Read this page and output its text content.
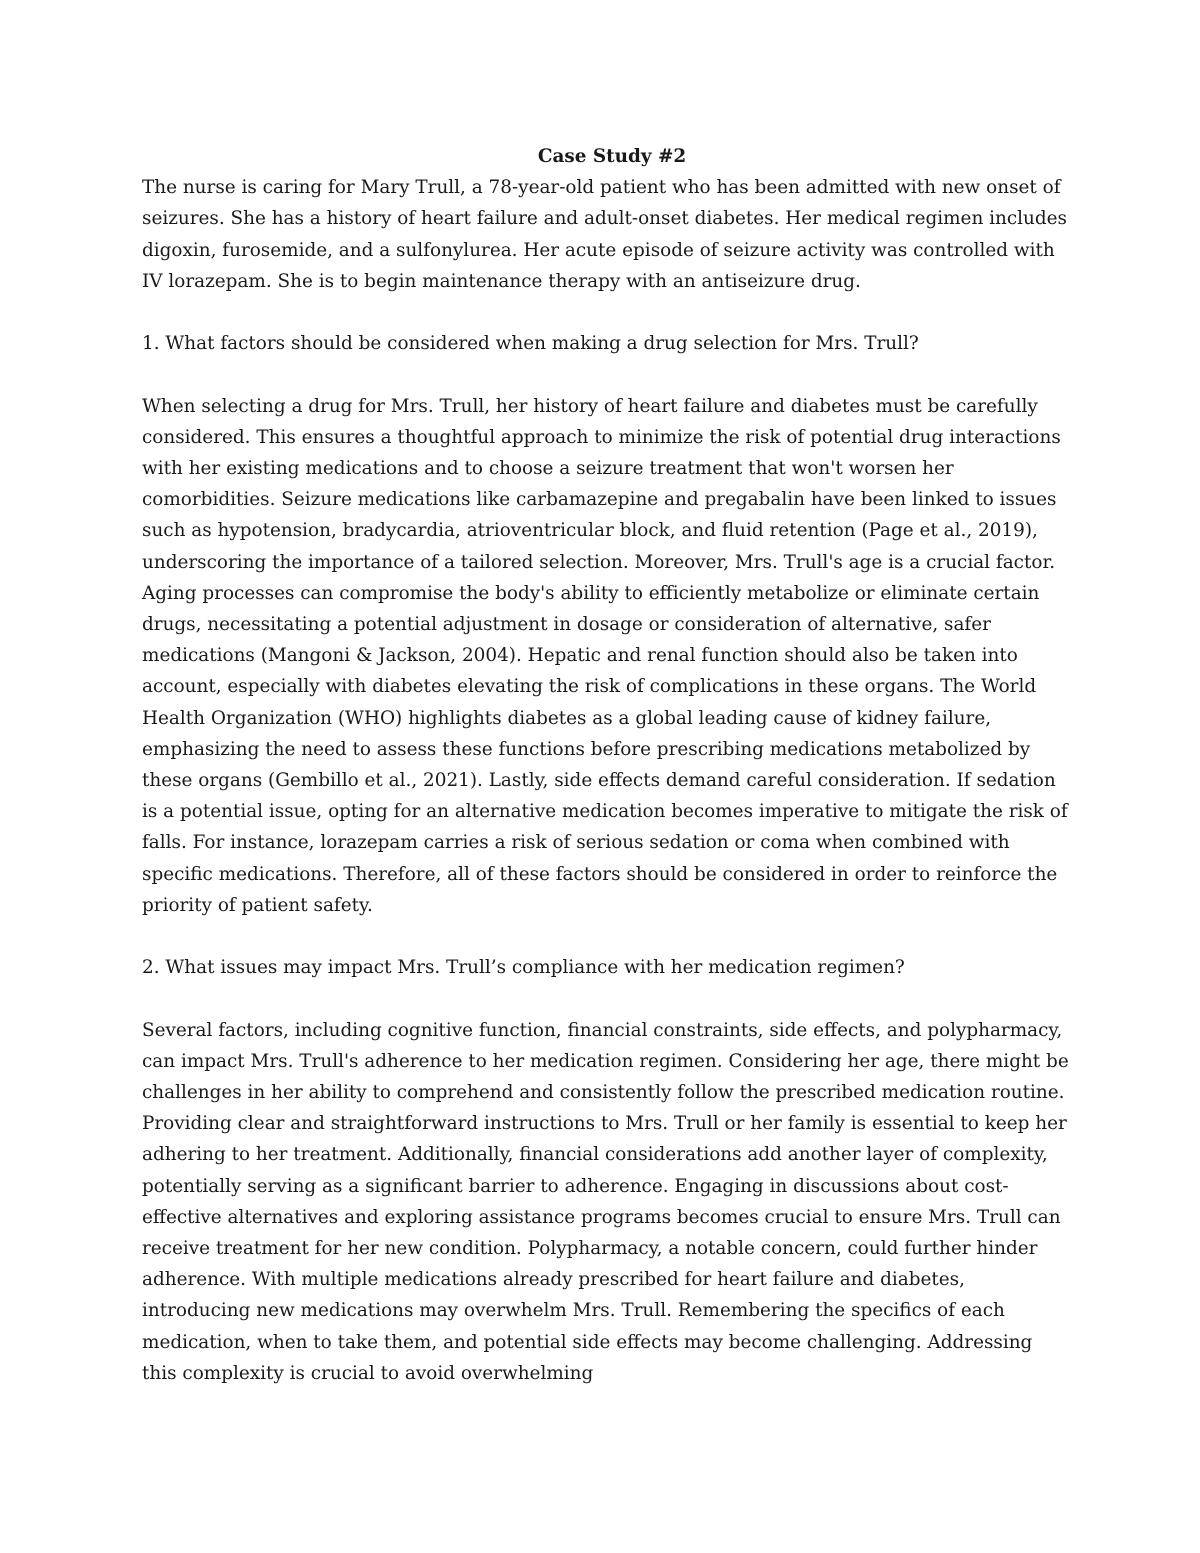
Case Study #2

The nurse is caring for Mary Trull, a 78-year-old patient who has been admitted with new onset of seizures. She has a history of heart failure and adult-onset diabetes. Her medical regimen includes digoxin, furosemide, and a sulfonylurea. Her acute episode of seizure activity was controlled with IV lorazepam. She is to begin maintenance therapy with an antiseizure drug.

1. What factors should be considered when making a drug selection for Mrs. Trull?

When selecting a drug for Mrs. Trull, her history of heart failure and diabetes must be carefully considered. This ensures a thoughtful approach to minimize the risk of potential drug interactions with her existing medications and to choose a seizure treatment that won't worsen her comorbidities. Seizure medications like carbamazepine and pregabalin have been linked to issues such as hypotension, bradycardia, atrioventricular block, and fluid retention (Page et al., 2019), underscoring the importance of a tailored selection. Moreover, Mrs. Trull's age is a crucial factor. Aging processes can compromise the body's ability to efficiently metabolize or eliminate certain drugs, necessitating a potential adjustment in dosage or consideration of alternative, safer medications (Mangoni & Jackson, 2004). Hepatic and renal function should also be taken into account, especially with diabetes elevating the risk of complications in these organs. The World Health Organization (WHO) highlights diabetes as a global leading cause of kidney failure, emphasizing the need to assess these functions before prescribing medications metabolized by these organs (Gembillo et al., 2021). Lastly, side effects demand careful consideration. If sedation is a potential issue, opting for an alternative medication becomes imperative to mitigate the risk of falls. For instance, lorazepam carries a risk of serious sedation or coma when combined with specific medications. Therefore, all of these factors should be considered in order to reinforce the priority of patient safety.

2. What issues may impact Mrs. Trull’s compliance with her medication regimen?

Several factors, including cognitive function, financial constraints, side effects, and polypharmacy, can impact Mrs. Trull's adherence to her medication regimen. Considering her age, there might be challenges in her ability to comprehend and consistently follow the prescribed medication routine. Providing clear and straightforward instructions to Mrs. Trull or her family is essential to keep her adhering to her treatment. Additionally, financial considerations add another layer of complexity, potentially serving as a significant barrier to adherence. Engaging in discussions about cost-effective alternatives and exploring assistance programs becomes crucial to ensure Mrs. Trull can receive treatment for her new condition. Polypharmacy, a notable concern, could further hinder adherence. With multiple medications already prescribed for heart failure and diabetes, introducing new medications may overwhelm Mrs. Trull. Remembering the specifics of each medication, when to take them, and potential side effects may become challenging. Addressing this complexity is crucial to avoid overwhelming
